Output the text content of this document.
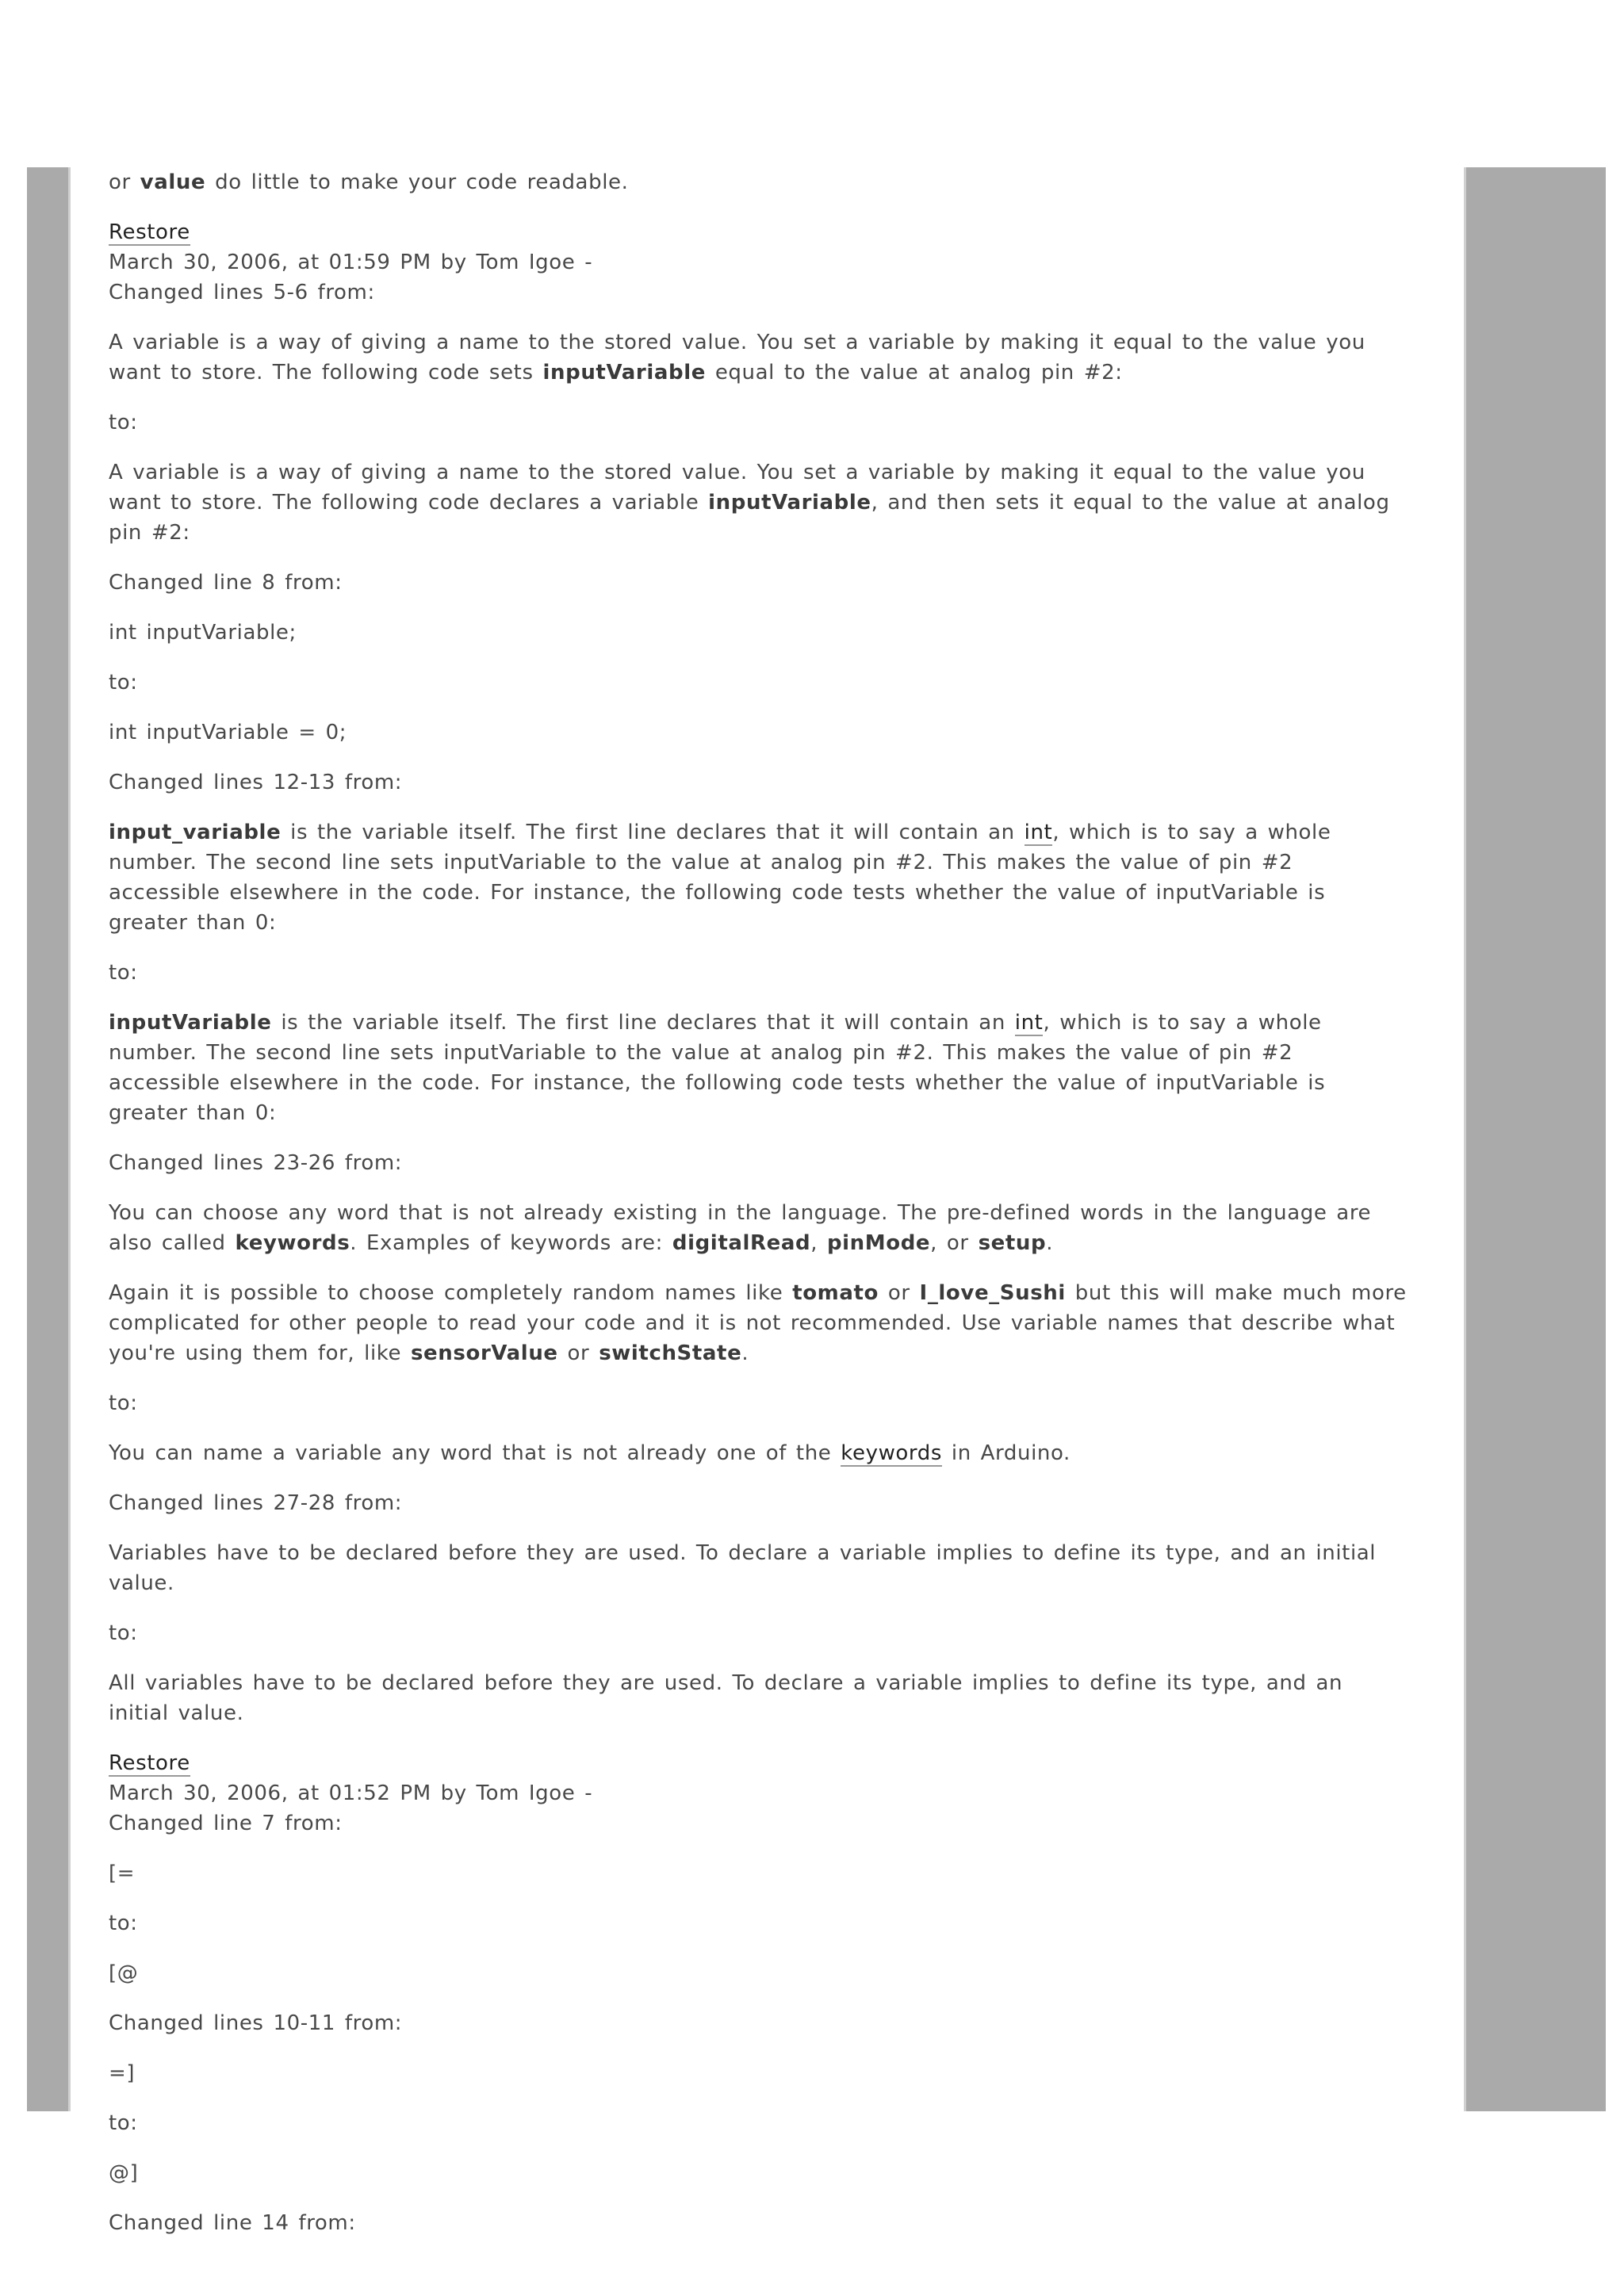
or value do little to make your code readable.

Restore
March 30, 2006, at 01:59 PM by Tom Igoe -
Changed lines 5-6 from:

A variable is a way of giving a name to the stored value. You set a variable by making it equal to the value you want to store. The following code sets inputVariable equal to the value at analog pin #2:

to:

A variable is a way of giving a name to the stored value. You set a variable by making it equal to the value you want to store. The following code declares a variable inputVariable, and then sets it equal to the value at analog pin #2:

Changed line 8 from:

int inputVariable;

to:

int inputVariable = 0;

Changed lines 12-13 from:

input_variable is the variable itself. The first line declares that it will contain an int, which is to say a whole number. The second line sets inputVariable to the value at analog pin #2. This makes the value of pin #2 accessible elsewhere in the code. For instance, the following code tests whether the value of inputVariable is greater than 0:

to:

inputVariable is the variable itself. The first line declares that it will contain an int, which is to say a whole number. The second line sets inputVariable to the value at analog pin #2. This makes the value of pin #2 accessible elsewhere in the code. For instance, the following code tests whether the value of inputVariable is greater than 0:

Changed lines 23-26 from:

You can choose any word that is not already existing in the language. The pre-defined words in the language are also called keywords. Examples of keywords are: digitalRead, pinMode, or setup.

Again it is possible to choose completely random names like tomato or I_love_Sushi but this will make much more complicated for other people to read your code and it is not recommended. Use variable names that describe what you're using them for, like sensorValue or switchState.

to:

You can name a variable any word that is not already one of the keywords in Arduino.

Changed lines 27-28 from:

Variables have to be declared before they are used. To declare a variable implies to define its type, and an initial value.

to:

All variables have to be declared before they are used. To declare a variable implies to define its type, and an initial value.

Restore
March 30, 2006, at 01:52 PM by Tom Igoe -
Changed line 7 from:

[=

to:

[@

Changed lines 10-11 from:

=]

to:

@]

Changed line 14 from:
